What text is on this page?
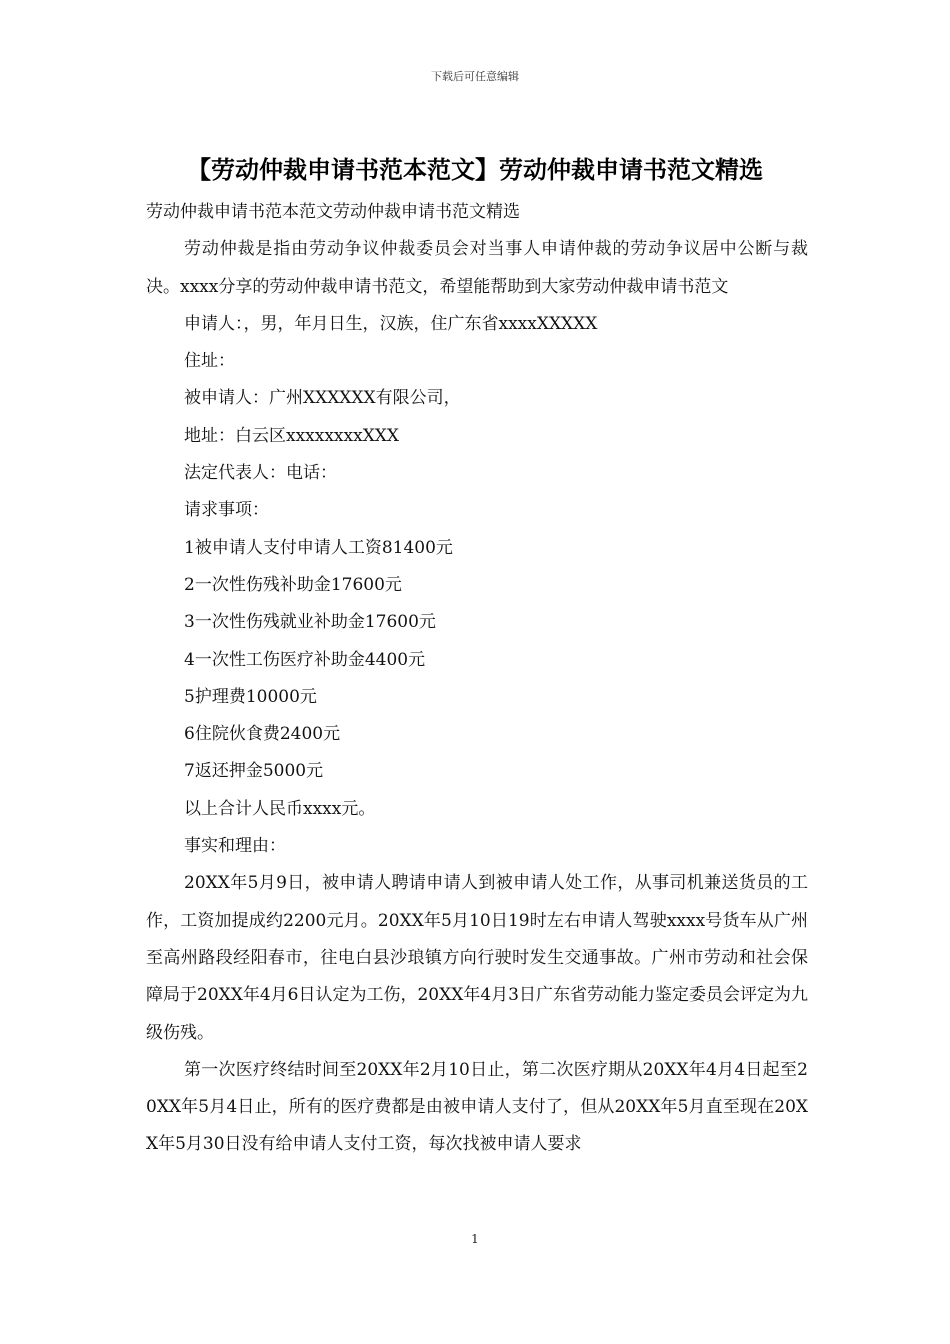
下载后可任意编辑
【劳动仲裁申请书范本范文】劳动仲裁申请书范文精选

劳动仲裁申请书范本范文劳动仲裁申请书范文精选

劳动仲裁是指由劳动争议仲裁委员会对当事人申请仲裁的劳动争议居中公断与裁决。xxxx分享的劳动仲裁申请书范文，希望能帮助到大家劳动仲裁申请书范文

申请人：，男，年月日生，汉族，住广东省xxxxXXXXX

住址：

被申请人：广州XXXXXX有限公司，

地址：白云区xxxxxxxxXXX

法定代表人：电话：

请求事项：

1被申请人支付申请人工资81400元

2一次性伤残补助金17600元

3一次性伤残就业补助金17600元

4一次性工伤医疗补助金4400元

5护理费10000元

6住院伙食费2400元

7返还押金5000元

以上合计人民币xxxx元。

事实和理由：

20XX年5月9日，被申请人聘请申请人到被申请人处工作，从事司机兼送货员的工作，工资加提成约2200元月。20XX年5月10日19时左右申请人驾驶xxxx号货车从广州至高州路段经阳春市，往电白县沙琅镇方向行驶时发生交通事故。广州市劳动和社会保障局于20XX年4月6日认定为工伤，20XX年4月3日广东省劳动能力鉴定委员会评定为九级伤残。

第一次医疗终结时间至20XX年2月10日止，第二次医疗期从20XX年4月4日起至20XX年5月4日止，所有的医疗费都是由被申请人支付了，但从20XX年5月直至现在20XX年5月30日没有给申请人支付工资，每次找被申请人要求

1
